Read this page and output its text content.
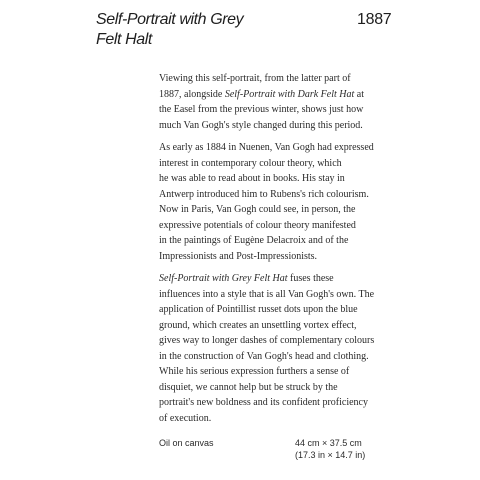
Self-Portrait with Grey
Felt Halt
1887

Viewing this self-portrait, from the latter part of
1887, alongside Self-Portrait with Dark Felt Hat at
the Easel from the previous winter, shows just how
much Van Gogh's style changed during this period.

As early as 1884 in Nuenen, Van Gogh had expressed
interest in contemporary colour theory, which
he was able to read about in books. His stay in
Antwerp introduced him to Rubens's rich colourism.
Now in Paris, Van Gogh could see, in person, the
expressive potentials of colour theory manifested
in the paintings of Eugène Delacroix and of the
Impressionists and Post-Impressionists.

Self-Portrait with Grey Felt Hat fuses these
influences into a style that is all Van Gogh's own. The
application of Pointillist russet dots upon the blue
ground, which creates an unsettling vortex effect,
gives way to longer dashes of complementary colours
in the construction of Van Gogh's head and clothing.
While his serious expression furthers a sense of
disquiet, we cannot help but be struck by the
portrait's new boldness and its confident proficiency
of execution.

Oil on canvas	44 cm × 37.5 cm
(17.3 in × 14.7 in)
